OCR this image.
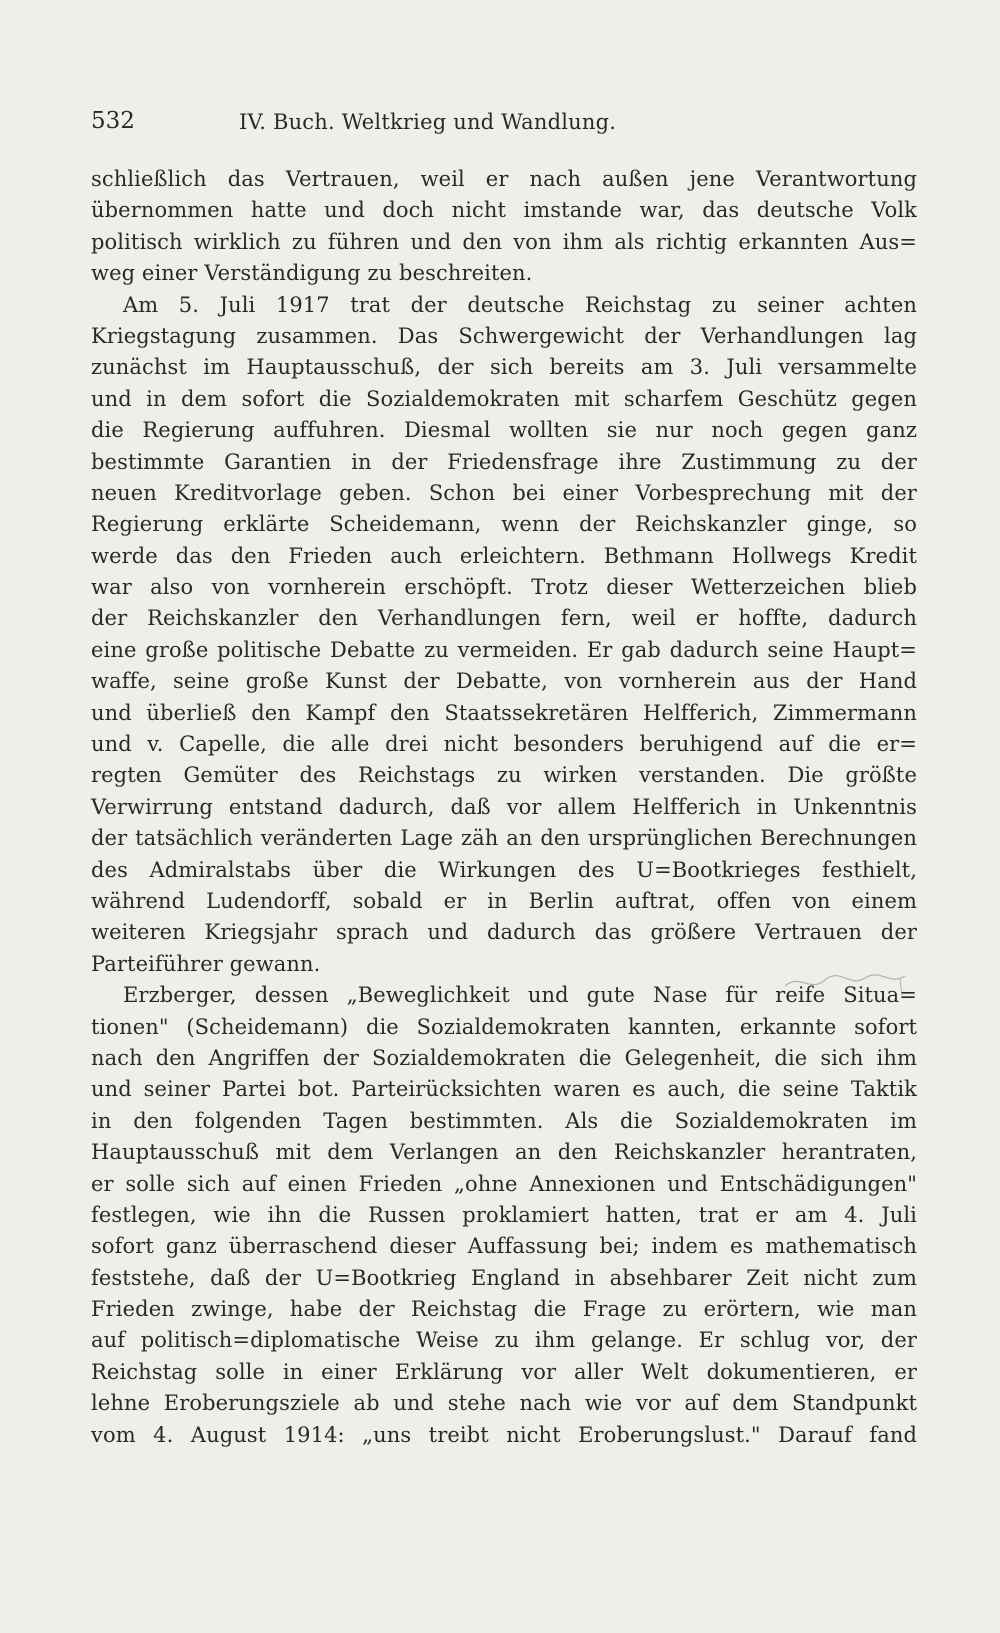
532	IV. Buch. Weltkrieg und Wandlung.
schließlich das Vertrauen, weil er nach außen jene Verantwortung
übernommen hatte und doch nicht imstande war, das deutsche Volk
politisch wirklich zu führen und den von ihm als richtig erkannten Aus=
weg einer Verständigung zu beschreiten.
Am 5. Juli 1917 trat der deutsche Reichstag zu seiner achten
Kriegstagung zusammen. Das Schwergewicht der Verhandlungen lag
zunächst im Hauptausschuß, der sich bereits am 3. Juli versammelte
und in dem sofort die Sozialdemokraten mit scharfem Geschütz gegen
die Regierung auffuhren. Diesmal wollten sie nur noch gegen ganz
bestimmte Garantien in der Friedensfrage ihre Zustimmung zu der
neuen Kreditvorlage geben. Schon bei einer Vorbesprechung mit der
Regierung erklärte Scheidemann, wenn der Reichskanzler ginge, so
werde das den Frieden auch erleichtern. Bethmann Hollwegs Kredit
war also von vornherein erschöpft. Trotz dieser Wetterzeichen blieb
der Reichskanzler den Verhandlungen fern, weil er hoffte, dadurch
eine große politische Debatte zu vermeiden. Er gab dadurch seine Haupt=
waffe, seine große Kunst der Debatte, von vornherein aus der Hand
und überließ den Kampf den Staatssekretären Helfferich, Zimmermann
und v. Capelle, die alle drei nicht besonders beruhigend auf die er=
regten Gemüter des Reichstags zu wirken verstanden. Die größte
Verwirrung entstand dadurch, daß vor allem Helfferich in Unkenntnis
der tatsächlich veränderten Lage zäh an den ursprünglichen Berechnungen
des Admiralstabs über die Wirkungen des U=Bootkrieges festhielt,
während Ludendorff, sobald er in Berlin auftrat, offen von einem
weiteren Kriegsjahr sprach und dadurch das größere Vertrauen der
Parteiführer gewann.
Erzberger, dessen „Beweglichkeit und gute Nase für reife Situa=
tionen" (Scheidemann) die Sozialdemokraten kannten, erkannte sofort
nach den Angriffen der Sozialdemokraten die Gelegenheit, die sich ihm
und seiner Partei bot. Parteirücksichten waren es auch, die seine Taktik
in den folgenden Tagen bestimmten. Als die Sozialdemokraten im
Hauptausschuß mit dem Verlangen an den Reichskanzler herantraten,
er solle sich auf einen Frieden „ohne Annexionen und Entschädigungen"
festlegen, wie ihn die Russen proklamiert hatten, trat er am 4. Juli
sofort ganz überraschend dieser Auffassung bei; indem es mathematisch
feststehe, daß der U=Bootkrieg England in absehbarer Zeit nicht zum
Frieden zwinge, habe der Reichstag die Frage zu erörtern, wie man
auf politisch=diplomatische Weise zu ihm gelange. Er schlug vor, der
Reichstag solle in einer Erklärung vor aller Welt dokumentieren, er
lehne Eroberungsziele ab und stehe nach wie vor auf dem Standpunkt
vom 4. August 1914: „uns treibt nicht Eroberungslust." Darauf fand
